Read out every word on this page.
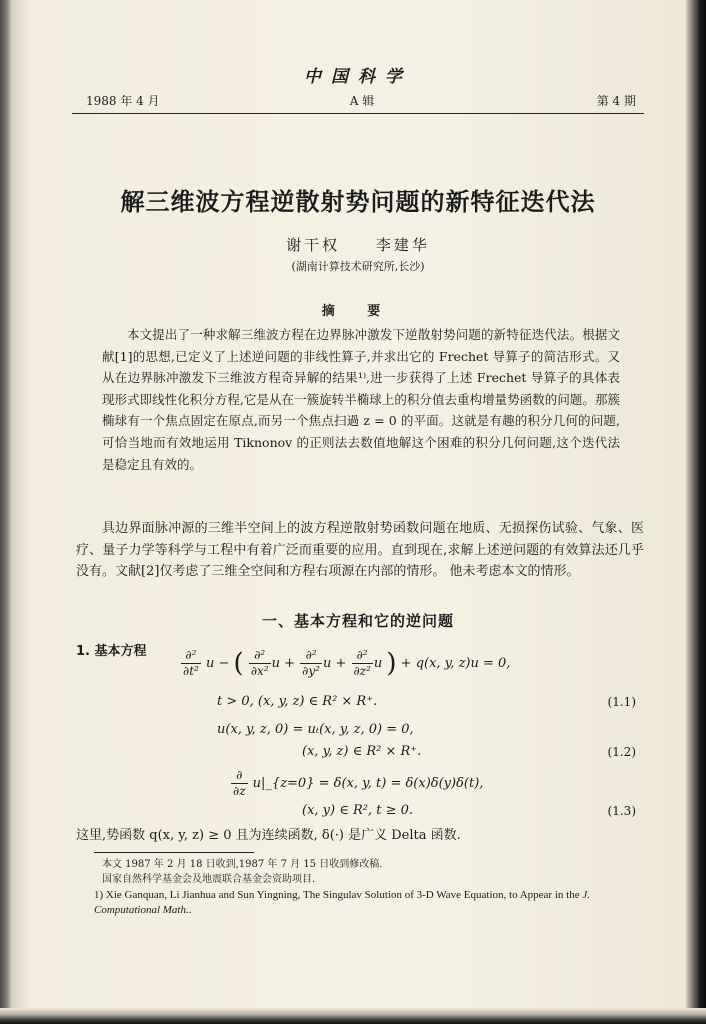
中国科学
1988 年 4 月	A 辑	第 4 期
解三维波方程逆散射势问题的新特征迭代法
谢干权 李建华
(湖南计算技术研究所,长沙)
摘 要

本文提出了一种求解三维波方程在边界脉冲激发下逆散射势问题的新特征迭代法。根据文献[1]的思想,已定义了上述逆问题的非线性算子,并求出它的 Frechet 导算子的简洁形式。又从在边界脉冲激发下三维波方程奇异解的结果¹⁾,进一步获得了上述 Frechet 导算子的具体表现形式即线性化积分方程,它是从在一簇旋转半椭球上的积分值去重构增量势函数的问题。那簇椭球有一个焦点固定在原点,而另一个焦点扫過 z = 0 的平面。这就是有趣的积分几何的问题,可恰当地而有效地运用 Tiknonov 的正则法去数值地解这个困难的积分几何问题,这个迭代法是稳定且有效的。

具边界面脉冲源的三维半空间上的波方程逆散射势函数问题在地质、无损探伤试验、气象、医疗、量子力学等科学与工程中有着广泛而重要的应用。直到现在,求解上述逆问题的有效算法还几乎没有。文献[2]仅考虑了三维全空间和方程右项源在内部的情形。 他未考虑本文的情形。

一、基本方程和它的逆问题
1. 基本方程	$\frac{\text{∂²}}{\text{∂t²}}$ u − ( $\frac{\text{∂²}}{\text{∂x²}}$ $u + \frac{\text{∂²}}{\text{∂y²}}$ $u + \frac{\text{∂²}}{\text{∂z²}}$ u ) + q(x, y, z)u = 0,
t > 0, (x, y, z) ∈ R² × R⁺.	(1.1)
u(x, y, z, 0) = uₜ(x, y, z, 0) = 0,
(x, y, z) ∈ R² × R⁺.	(1.2)
$\frac{\partial}{\partial z}$ u|_{z=0} = δ(x, y, t) = δ(x)δ(y)δ(t),
(x, y) ∈ R², t ≥ 0.	(1.3)
这里,势函数 q(x, y, z) ≥ 0 且为连续函数, δ(·) 是广义 Delta 函数.
本文 1987 年 2 月 18 日收到,1987 年 7 月 15 日收到修改稿.
国家自然科学基金会及地震联合基金会资助项目.
1) Xie Ganquan, Li Jianhua and Sun Yingning, The Singulav Solution of 3-D Wave Equation, to Appear in the J. Computational Math..
